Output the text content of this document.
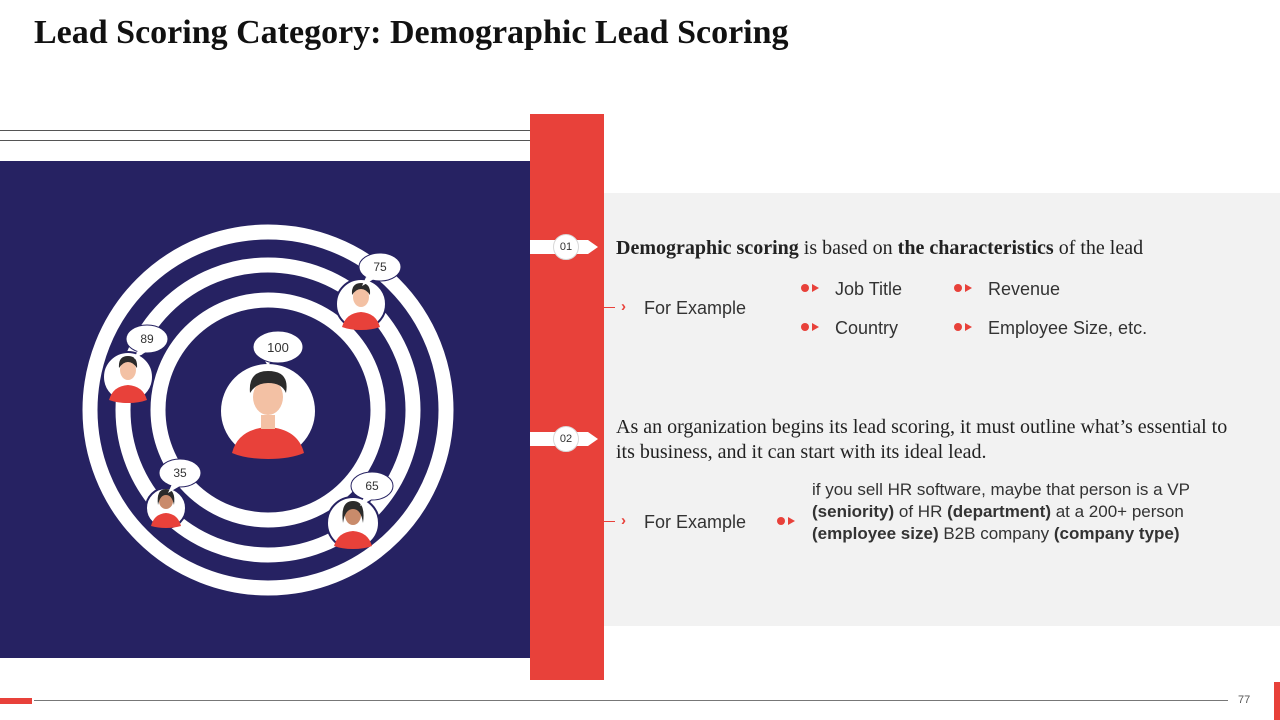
Lead Scoring Category: Demographic Lead Scoring
100
75
89
35
65
01	Demographic scoring is based on the characteristics of the lead
› For Example
Job Title	Revenue
Country	Employee Size, etc.
02
As an organization begins its lead scoring, it must outline what’s essential to its business, and it can start with its ideal lead.
› For Example
if you sell HR software, maybe that person is a VP (seniority) of HR (department) at a 200+ person (employee size) B2B company (company type)
77
